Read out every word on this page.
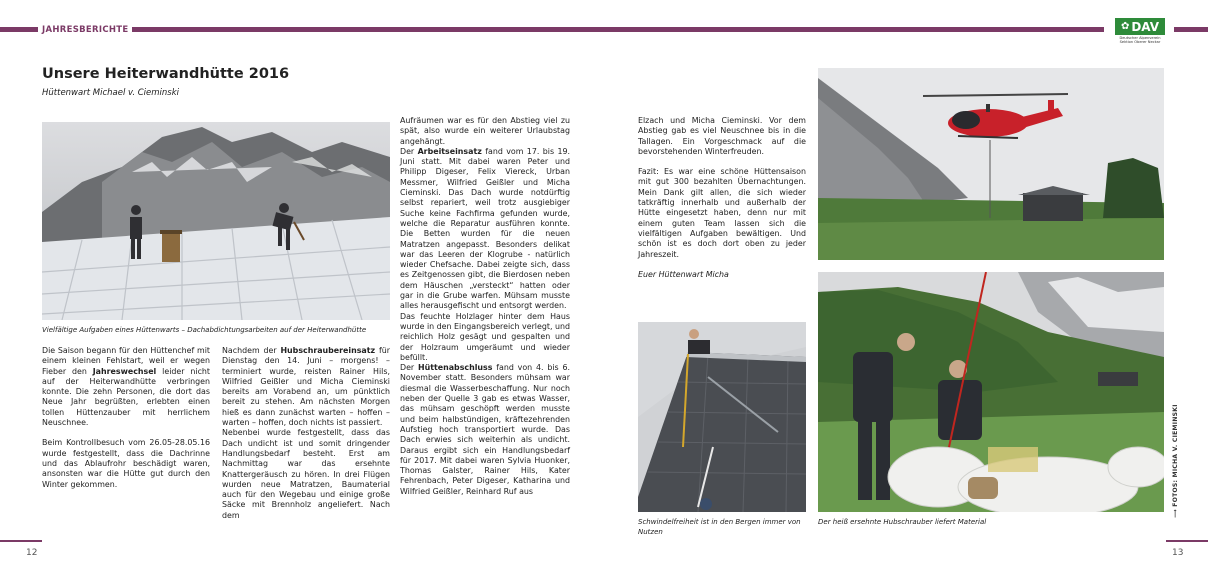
JAHRESBERICHTE	✿ DAV
Deutscher Alpenverein
Sektion Oberer Neckar
Unsere Heiterwandhütte 2016
Hüttenwart Michael v. Cieminski
Vielfältige Aufgaben eines Hüttenwarts – Dachabdichtungsarbeiten auf der Heiterwandhütte

Die Saison begann für den Hüttenchef mit einem kleinen Fehlstart, weil er wegen Fieber den Jahreswechsel leider nicht auf der Heiterwandhütte verbringen konnte. Die zehn Personen, die dort das Neue Jahr begrüßten, erlebten einen tollen Hüttenzauber mit herrlichem Neuschnee.

Beim Kontrollbesuch vom 26.05-28.05.16 wurde festgestellt, dass die Dachrinne und das Ablaufrohr beschädigt waren, ansonsten war die Hütte gut durch den Winter gekommen.

Nachdem der Hubschraubereinsatz für Dienstag den 14. Juni – morgens! – terminiert wurde, reisten Rainer Hils, Wilfried Geißler und Micha Cieminski bereits am Vorabend an, um pünktlich bereit zu stehen. Am nächsten Morgen hieß es dann zunächst warten – hoffen – warten – hoffen, doch nichts ist passiert.

Nebenbei wurde festgestellt, dass das Dach undicht ist und somit dringender Handlungsbedarf besteht. Erst am Nachmittag war das ersehnte Knattergeräusch zu hören. In drei Flügen wurden neue Matratzen, Baumaterial auch für den Wegebau und einige große Säcke mit Brennholz angeliefert. Nach dem

Aufräumen war es für den Abstieg viel zu spät, also wurde ein weiterer Urlaubstag angehängt.

Der Arbeitseinsatz fand vom 17. bis 19. Juni statt. Mit dabei waren Peter und Philipp Digeser, Felix Viereck, Urban Messmer, Wilfried Geißler und Micha Cieminski. Das Dach wurde notdürftig selbst repariert, weil trotz ausgiebiger Suche keine Fachfirma gefunden wurde, welche die Reparatur ausführen konnte. Die Betten wurden für die neuen Matratzen angepasst. Besonders delikat war das Leeren der Klogrube - natürlich wieder Chefsache. Dabei zeigte sich, dass es Zeitgenossen gibt, die Bierdosen neben dem Häuschen „versteckt“ hatten oder gar in die Grube warfen. Mühsam musste alles herausgefischt und entsorgt werden.

Das feuchte Holzlager hinter dem Haus wurde in den Eingangsbereich verlegt, und reichlich Holz gesägt und gespalten und der Holzraum umgeräumt und wieder befüllt.

Der Hüttenabschluss fand von 4. bis 6. November statt. Besonders mühsam war diesmal die Wasserbeschaffung. Nur noch neben der Quelle 3 gab es etwas Wasser, das mühsam geschöpft werden musste und beim halbstündigen, kräftezehrenden Aufstieg hoch transportiert wurde. Das Dach erwies sich weiterhin als undicht. Daraus ergibt sich ein Handlungsbedarf für 2017. Mit dabei waren Sylvia Huonker, Thomas Galster, Rainer Hils, Kater Fehrenbach, Peter Digeser, Katharina und Wilfried Geißler, Reinhard Ruf aus

Elzach und Micha Cieminski. Vor dem Abstieg gab es viel Neuschnee bis in die Tallagen. Ein Vorgeschmack auf die bevorstehenden Winterfreuden.

Fazit: Es war eine schöne Hüttensaison mit gut 300 bezahlten Übernachtungen. Mein Dank gilt allen, die sich wieder tatkräftig innerhalb und außerhalb der Hütte eingesetzt haben, denn nur mit einem guten Team lassen sich die vielfältigen Aufgaben bewältigen. Und schön ist es doch dort oben zu jeder Jahreszeit.

Euer Hüttenwart Micha

Schwindelfreiheit ist in den Bergen immer von Nutzen
Der heiß ersehnte Hubschrauber liefert Material
⟶ FOTOS: MICHA V. CIEMINSKI
12	13
